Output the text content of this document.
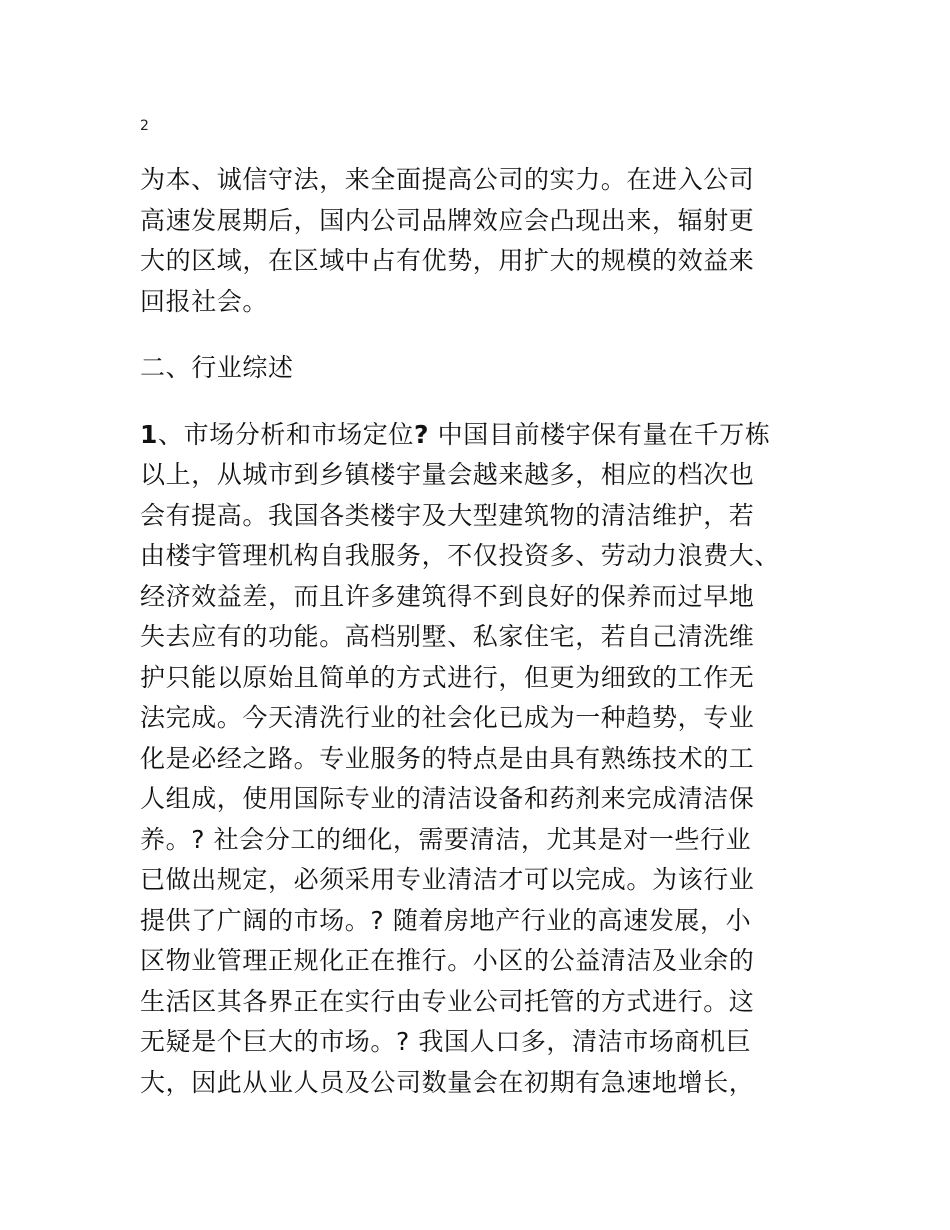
2

为本、诚信守法，来全面提高公司的实力。在进入公司
高速发展期后，国内公司品牌效应会凸现出来，辐射更
大的区域，在区域中占有优势，用扩大的规模的效益来
回报社会。

二、行业综述

1、市场分析和市场定位? 中国目前楼宇保有量在千万栋
以上，从城市到乡镇楼宇量会越来越多，相应的档次也
会有提高。我国各类楼宇及大型建筑物的清洁维护，若
由楼宇管理机构自我服务，不仅投资多、劳动力浪费大、
经济效益差，而且许多建筑得不到良好的保养而过早地
失去应有的功能。高档别墅、私家住宅，若自己清洗维
护只能以原始且简单的方式进行，但更为细致的工作无
法完成。今天清洗行业的社会化已成为一种趋势，专业
化是必经之路。专业服务的特点是由具有熟练技术的工
人组成，使用国际专业的清洁设备和药剂来完成清洁保
养。? 社会分工的细化，需要清洁，尤其是对一些行业
已做出规定，必须采用专业清洁才可以完成。为该行业
提供了广阔的市场。? 随着房地产行业的高速发展，小
区物业管理正规化正在推行。小区的公益清洁及业余的
生活区其各界正在实行由专业公司托管的方式进行。这
无疑是个巨大的市场。? 我国人口多，清洁市场商机巨
大，因此从业人员及公司数量会在初期有急速地增长，
